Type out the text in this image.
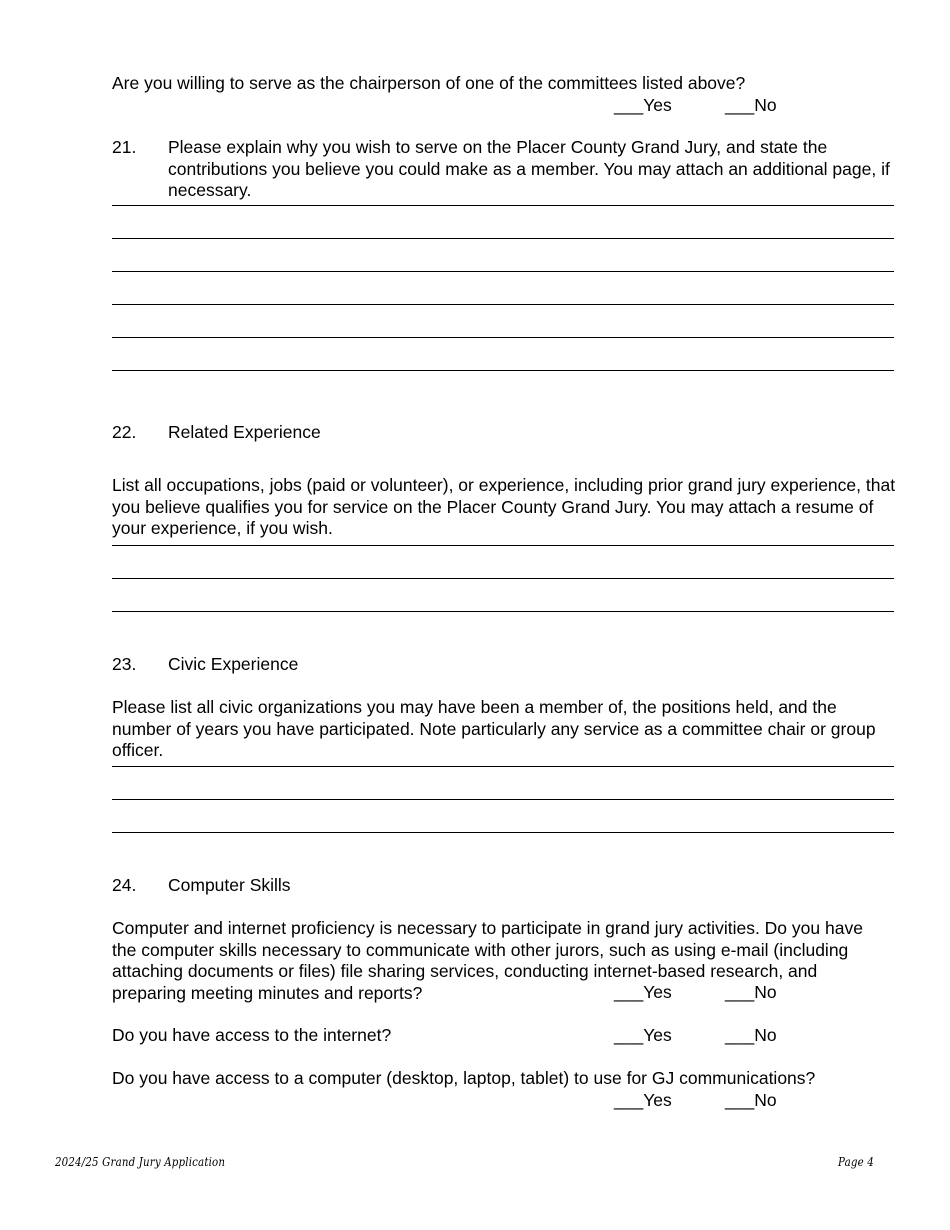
Are you willing to serve as the chairperson of one of the committees listed above?
___Yes	___No
21. Please explain why you wish to serve on the Placer County Grand Jury, and state the contributions you believe you could make as a member. You may attach an additional page, if necessary.
22. Related Experience
List all occupations, jobs (paid or volunteer), or experience, including prior grand jury experience, that you believe qualifies you for service on the Placer County Grand Jury. You may attach a resume of your experience, if you wish.
23. Civic Experience
Please list all civic organizations you may have been a member of, the positions held, and the number of years you have participated. Note particularly any service as a committee chair or group officer.
24. Computer Skills
Computer and internet proficiency is necessary to participate in grand jury activities. Do you have the computer skills necessary to communicate with other jurors, such as using e-mail (including attaching documents or files) file sharing services, conducting internet-based research, and preparing meeting minutes and reports?	___Yes	___No
Do you have access to the internet?	___Yes	___No
Do you have access to a computer (desktop, laptop, tablet) to use for GJ communications?
___Yes	___No
2024/25 Grand Jury Application	Page 4
